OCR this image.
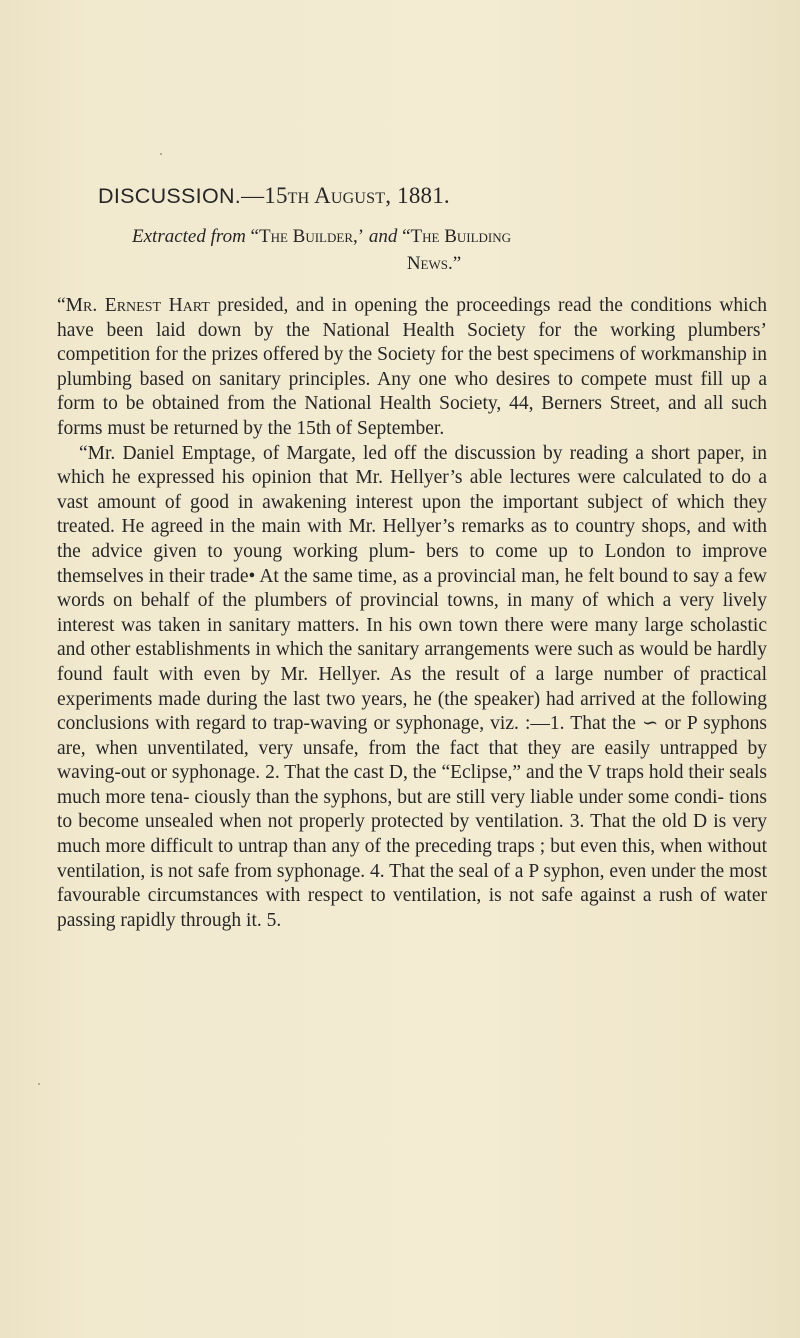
DISCUSSION.—15th August, 1881.
Extracted from “The Builder,’ and “The Building
News.”

“Mr. Ernest Hart presided, and in opening the proceedings read the conditions which have been laid down by the National Health Society for the working plumbers’ competition for the prizes offered by the Society for the best specimens of workmanship in plumbing based on sanitary principles. Any one who desires to compete must fill up a form to be obtained from the National Health Society, 44, Berners Street, and all such forms must be returned by the 15th of September.

“Mr. Daniel Emptage, of Margate, led off the discussion by reading a short paper, in which he expressed his opinion that Mr. Hellyer’s able lectures were calculated to do a vast amount of good in awakening interest upon the important subject of which they treated. He agreed in the main with Mr. Hellyer’s remarks as to country shops, and with the advice given to young working plum- bers to come up to London to improve themselves in their trade• At the same time, as a provincial man, he felt bound to say a few words on behalf of the plumbers of provincial towns, in many of which a very lively interest was taken in sanitary matters. In his own town there were many large scholastic and other establishments in which the sanitary arrangements were such as would be hardly found fault with even by Mr. Hellyer. As the result of a large number of practical experiments made during the last two years, he (the speaker) had arrived at the following conclusions with regard to trap-waving or syphonage, viz. :—1. That the ∽ or P syphons are, when unventilated, very unsafe, from the fact that they are easily untrapped by waving-out or syphonage. 2. That the cast D, the “Eclipse,” and the V traps hold their seals much more tena- ciously than the syphons, but are still very liable under some condi- tions to become unsealed when not properly protected by ventilation. 3. That the old D is very much more difficult to untrap than any of the preceding traps ; but even this, when without ventilation, is not safe from syphonage. 4. That the seal of a P syphon, even under the most favourable circumstances with respect to ventilation, is not safe against a rush of water passing rapidly through it. 5.
